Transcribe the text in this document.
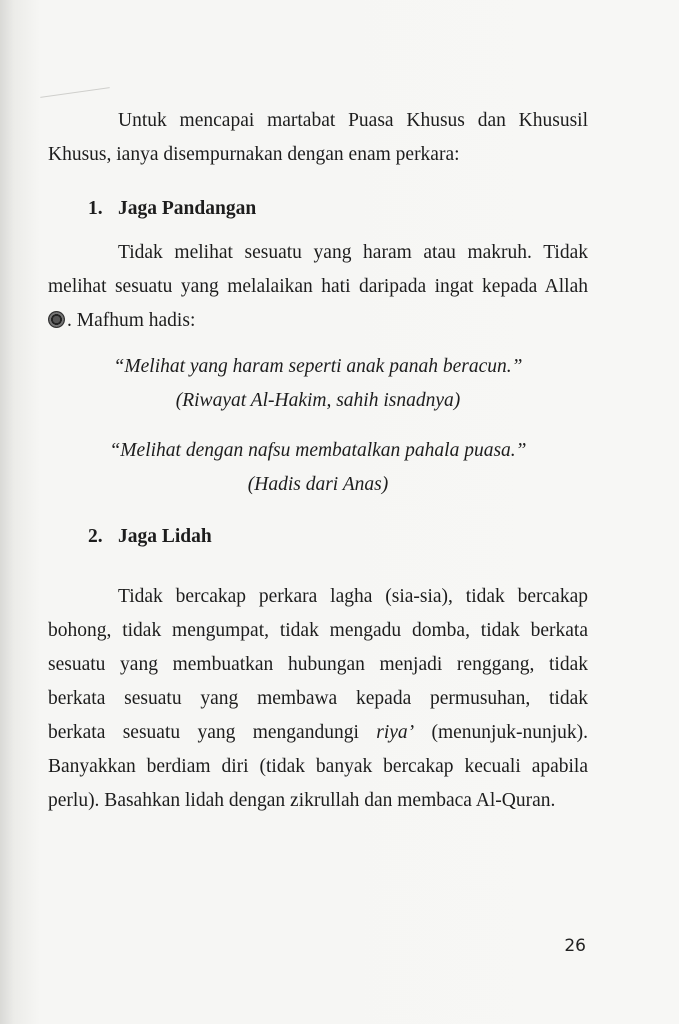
Untuk mencapai martabat Puasa Khusus dan Khususil
Khusus, ianya disempurnakan dengan enam perkara:
1. Jaga Pandangan
Tidak melihat sesuatu yang haram atau makruh. Tidak
melihat sesuatu yang melalaikan hati daripada ingat kepada Allah
. Mafhum hadis:
“Melihat yang haram seperti anak panah beracun.”
(Riwayat Al-Hakim, sahih isnadnya)
“Melihat dengan nafsu membatalkan pahala puasa.”
(Hadis dari Anas)
2. Jaga Lidah
Tidak bercakap perkara lagha (sia-sia), tidak bercakap
bohong, tidak mengumpat, tidak mengadu domba, tidak berkata
sesuatu yang membuatkan hubungan menjadi renggang, tidak
berkata sesuatu yang membawa kepada permusuhan, tidak
berkata sesuatu yang mengandungi riya’ (menunjuk-nunjuk).
Banyakkan berdiam diri (tidak banyak bercakap kecuali apabila
perlu). Basahkan lidah dengan zikrullah dan membaca Al-Quran.
26
